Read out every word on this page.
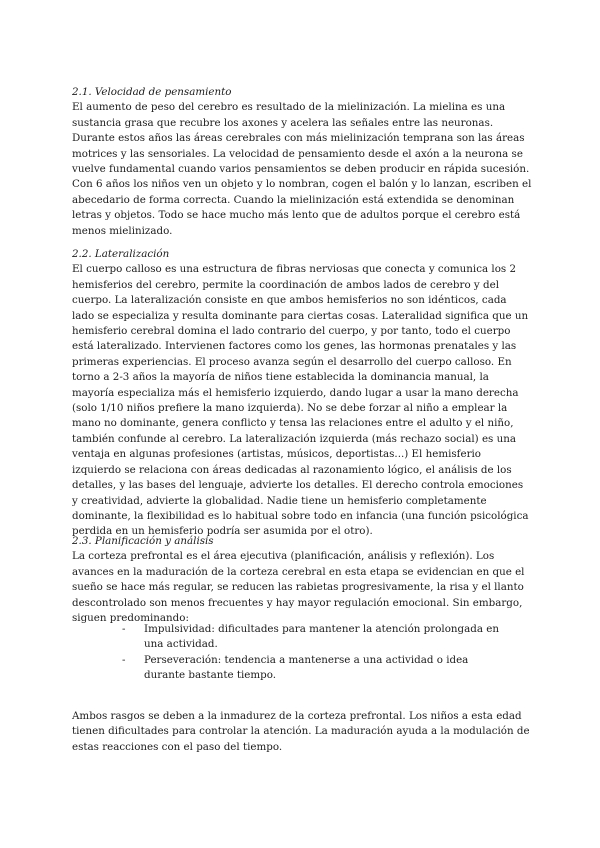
2.1. Velocidad de pensamiento

El aumento de peso del cerebro es resultado de la mielinización. La mielina es una sustancia grasa que recubre los axones y acelera las señales entre las neuronas. Durante estos años las áreas cerebrales con más mielinización temprana son las áreas motrices y las sensoriales. La velocidad de pensamiento desde el axón a la neurona se vuelve fundamental cuando varios pensamientos se deben producir en rápida sucesión. Con 6 años los niños ven un objeto y lo nombran, cogen el balón y lo lanzan, escriben el abecedario de forma correcta. Cuando la mielinización está extendida se denominan letras y objetos. Todo se hace mucho más lento que de adultos porque el cerebro está menos mielinizado.

2.2. Lateralización

El cuerpo calloso es una estructura de fibras nerviosas que conecta y comunica los 2 hemisferios del cerebro, permite la coordinación de ambos lados de cerebro y del cuerpo. La lateralización consiste en que ambos hemisferios no son idénticos, cada lado se especializa y resulta dominante para ciertas cosas. Lateralidad significa que un hemisferio cerebral domina el lado contrario del cuerpo, y por tanto, todo el cuerpo está lateralizado. Intervienen factores como los genes, las hormonas prenatales y las primeras experiencias. El proceso avanza según el desarrollo del cuerpo calloso. En torno a 2-3 años la mayoría de niños tiene establecida la dominancia manual, la mayoría especializa más el hemisferio izquierdo, dando lugar a usar la mano derecha (solo 1/10 niños prefiere la mano izquierda). No se debe forzar al niño a emplear la mano no dominante, genera conflicto y tensa las relaciones entre el adulto y el niño, también confunde al cerebro. La lateralización izquierda (más rechazo social) es una ventaja en algunas profesiones (artistas, músicos, deportistas...) El hemisferio izquierdo se relaciona con áreas dedicadas al razonamiento lógico, el análisis de los detalles, y las bases del lenguaje, advierte los detalles. El derecho controla emociones y creatividad, advierte la globalidad. Nadie tiene un hemisferio completamente dominante, la flexibilidad es lo habitual sobre todo en infancia (una función psicológica perdida en un hemisferio podría ser asumida por el otro).

2.3. Planificación y análisis

La corteza prefrontal es el área ejecutiva (planificación, análisis y reflexión). Los avances en la maduración de la corteza cerebral en esta etapa se evidencian en que el sueño se hace más regular, se reducen las rabietas progresivamente, la risa y el llanto descontrolado son menos frecuentes y hay mayor regulación emocional. Sin embargo, siguen predominando:

- Impulsividad: dificultades para mantener la atención prolongada en una actividad.
- Perseveración: tendencia a mantenerse a una actividad o idea durante bastante tiempo.

Ambos rasgos se deben a la inmadurez de la corteza prefrontal. Los niños a esta edad tienen dificultades para controlar la atención. La maduración ayuda a la modulación de estas reacciones con el paso del tiempo.
